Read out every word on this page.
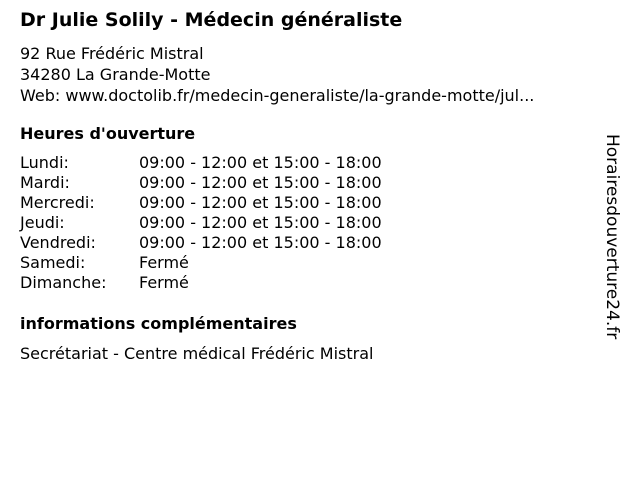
Dr Julie Solily - Médecin généraliste
92 Rue Frédéric Mistral
34280 La Grande-Motte
Web: www.doctolib.fr/medecin-generaliste/la-grande-motte/jul...
Heures d'ouverture
Lundi:	09:00 - 12:00 et 15:00 - 18:00
Mardi:	09:00 - 12:00 et 15:00 - 18:00
Mercredi:	09:00 - 12:00 et 15:00 - 18:00
Jeudi:	09:00 - 12:00 et 15:00 - 18:00
Vendredi:	09:00 - 12:00 et 15:00 - 18:00
Samedi:	Fermé
Dimanche: Fermé
informations complémentaires
Secrétariat - Centre médical Frédéric Mistral
Horairesdouverture24.fr
